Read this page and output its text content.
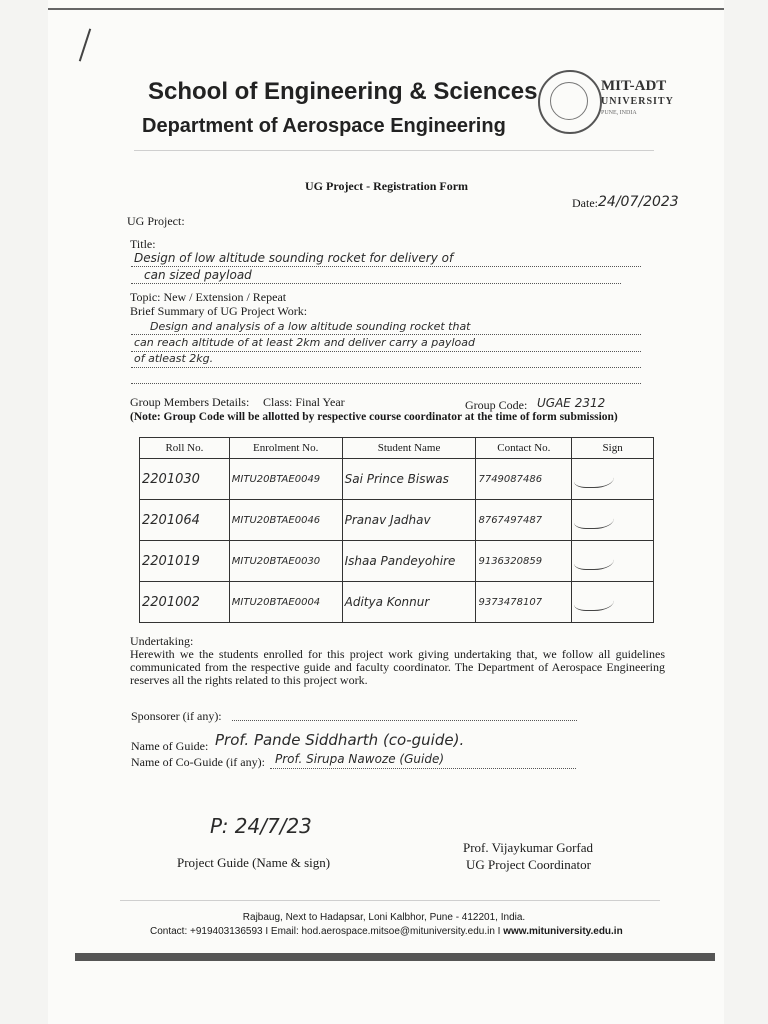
School of Engineering & Sciences
Department of Aerospace Engineering
MIT-ADT
UNIVERSITY
PUNE, INDIA
UG Project - Registration Form
Date: 24/07/2023
UG Project:
Title:
Design of low altitude sounding rocket for delivery of
can sized payload
Topic: New / Extension / Repeat
Brief Summary of UG Project Work:
Design and analysis of a low altitude sounding rocket that
can reach altitude of at least 2km and deliver carry a payload
of atleast 2kg.
Group Members Details: Class: Final Year	Group Code: UGAE 2312
(Note: Group Code will be allotted by respective course coordinator at the time of form submission)
Roll No.	Enrolment No.	Student Name	Contact No.	Sign
2201030	MITU20BTAE0049	Sai Prince Biswas	7749087486	
2201064	MITU20BTAE0046	Pranav Jadhav	8767497487	
2201019	MITU20BTAE0030	Ishaa Pandeyohire	9136320859	
2201002	MITU20BTAE0004	Aditya Konnur	9373478107	
Undertaking:
Herewith we the students enrolled for this project work giving undertaking that, we follow all guidelines communicated from the respective guide and faculty coordinator. The Department of Aerospace Engineering reserves all the rights related to this project work.
Sponsorer (if any):
Name of Guide: Prof. Pande Siddharth (co-guide).
Name of Co-Guide (if any): Prof. Sirupa Nawoze (Guide)
P: 24/7/23
Project Guide (Name & sign)
Prof. Vijaykumar Gorfad
UG Project Coordinator
Rajbaug, Next to Hadapsar, Loni Kalbhor, Pune - 412201, India.
Contact: +919403136593 I Email: hod.aerospace.mitsoe@mituniversity.edu.in I www.mituniversity.edu.in
